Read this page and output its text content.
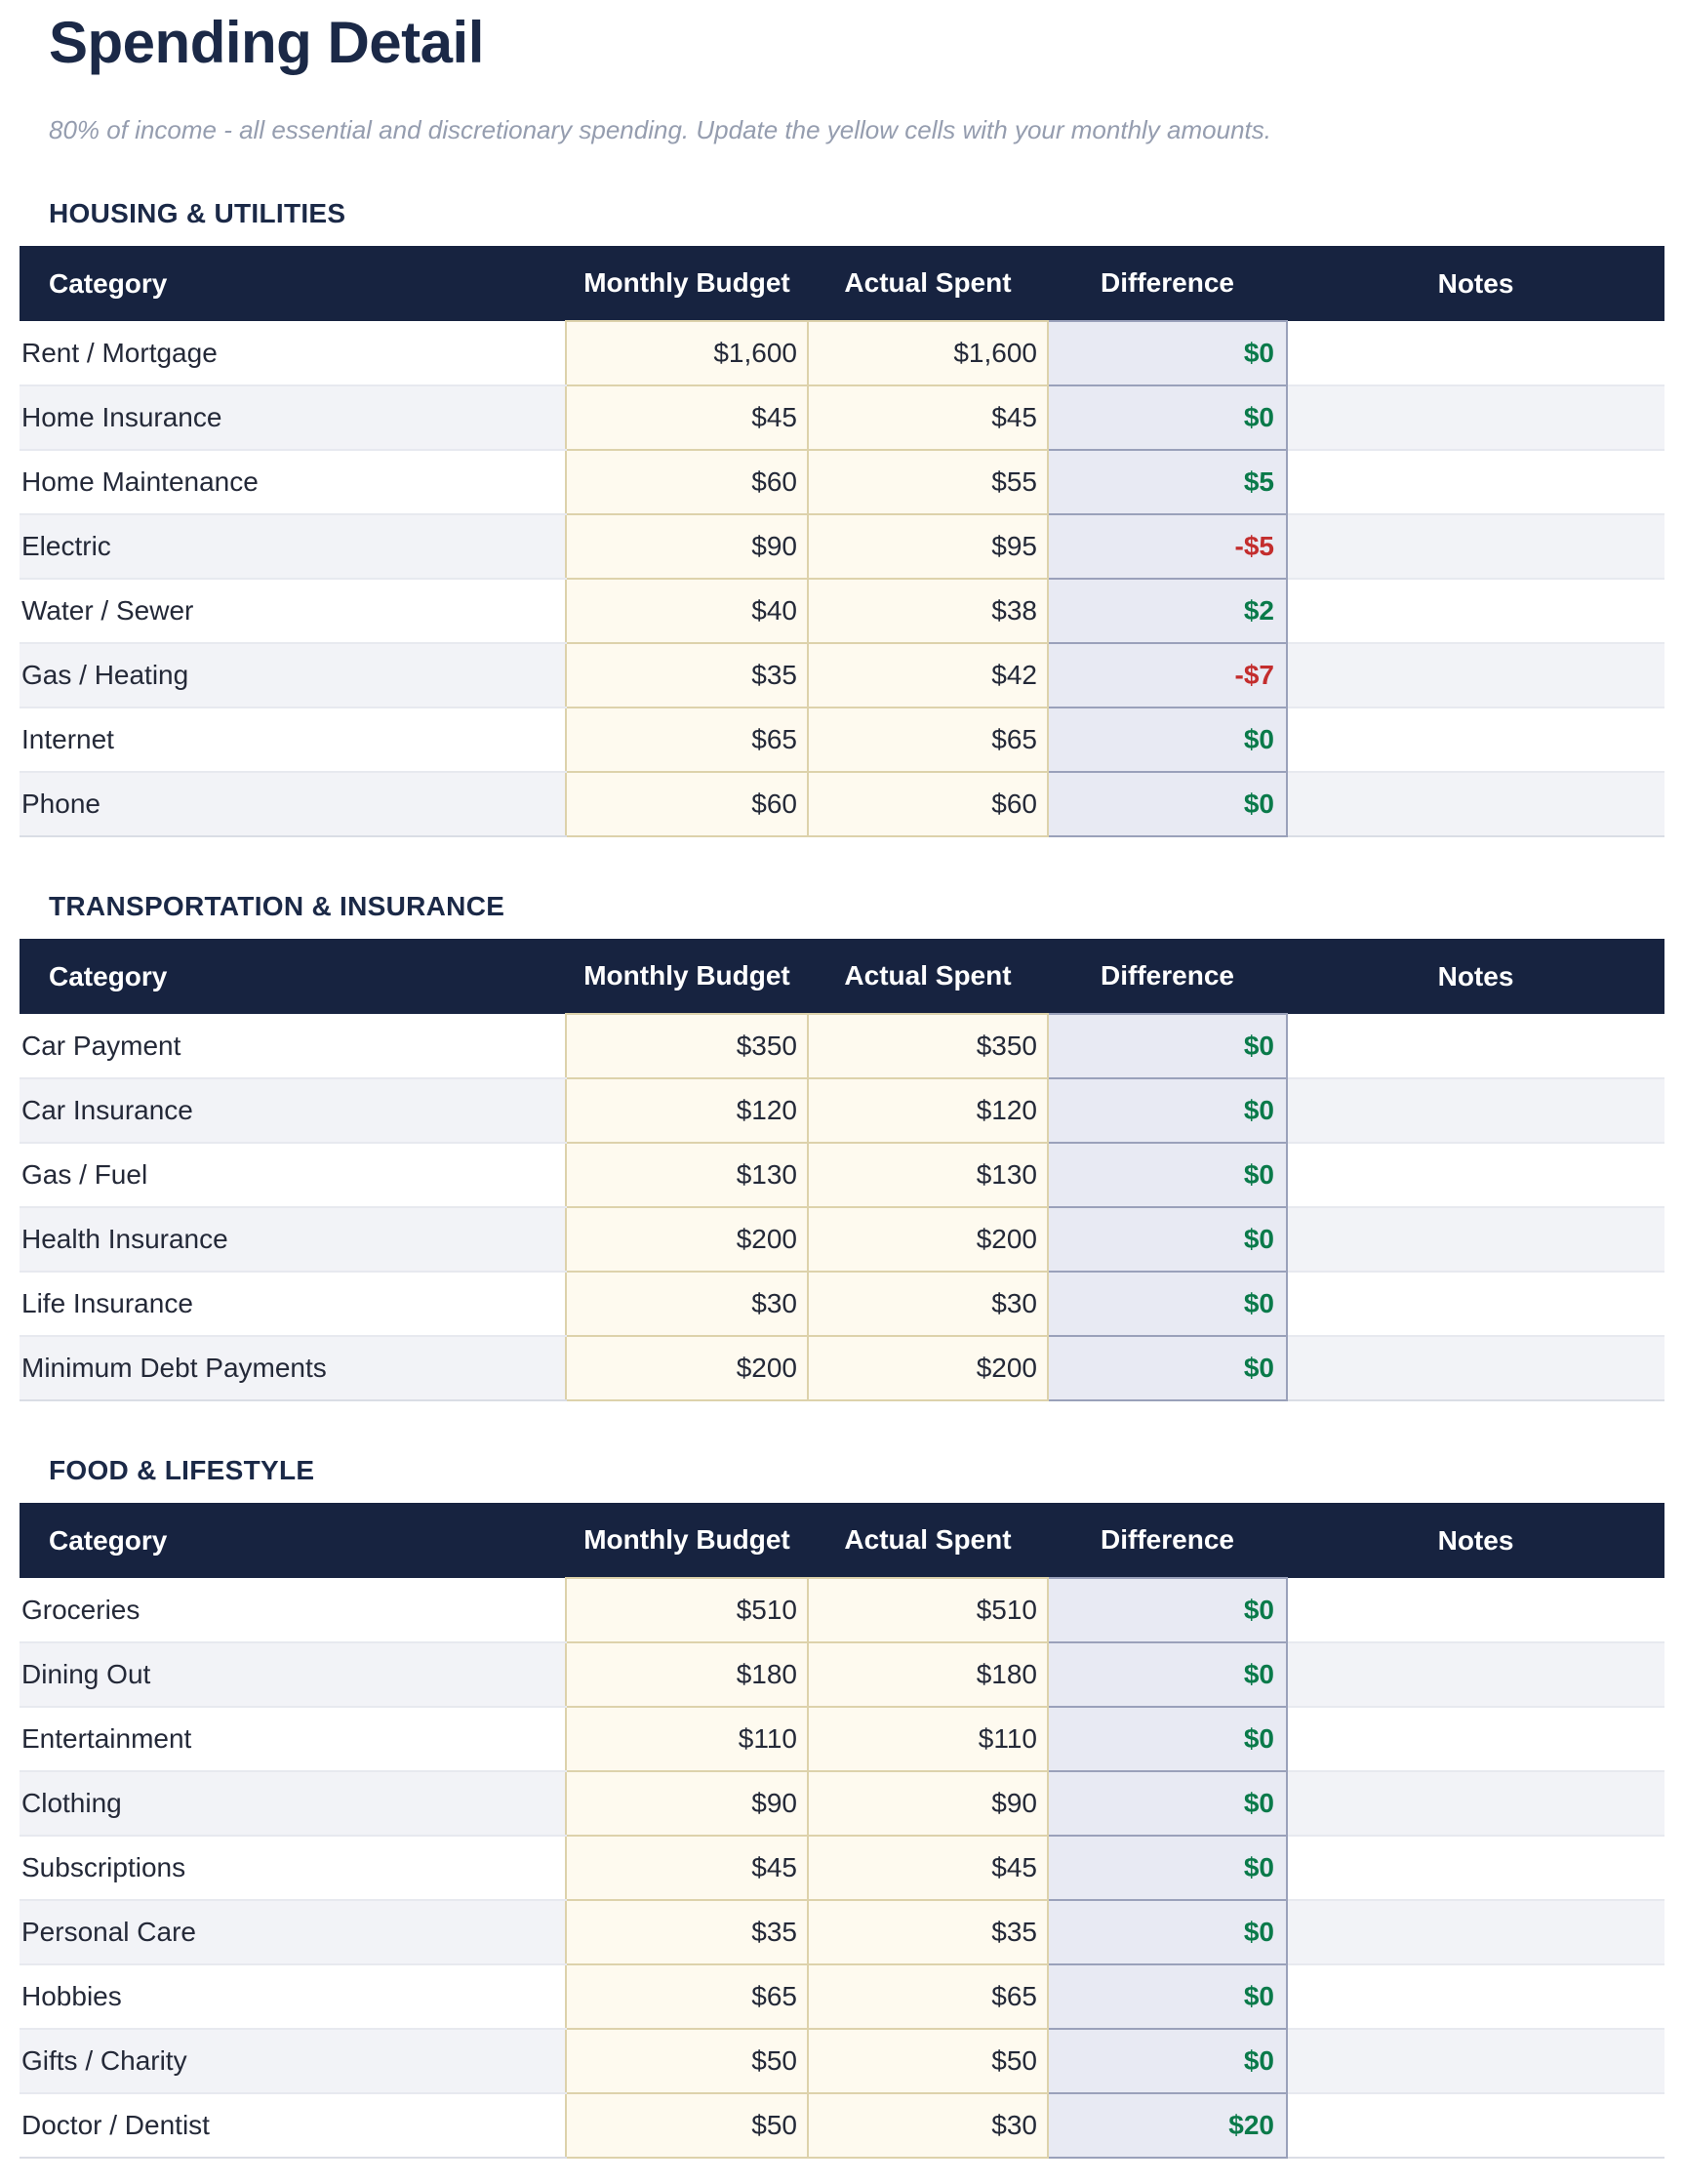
Spending Detail

80% of income - all essential and discretionary spending. Update the yellow cells with your monthly amounts.

HOUSING & UTILITIES
Category	Monthly Budget	Actual Spent	Difference	Notes
Rent / Mortgage	$1,600	$1,600	$0	
Home Insurance	$45	$45	$0	
Home Maintenance	$60	$55	$5	
Electric	$90	$95	-$5	
Water / Sewer	$40	$38	$2	
Gas / Heating	$35	$42	-$7	
Internet	$65	$65	$0	
Phone	$60	$60	$0	
TRANSPORTATION & INSURANCE
Category	Monthly Budget	Actual Spent	Difference	Notes
Car Payment	$350	$350	$0	
Car Insurance	$120	$120	$0	
Gas / Fuel	$130	$130	$0	
Health Insurance	$200	$200	$0	
Life Insurance	$30	$30	$0	
Minimum Debt Payments	$200	$200	$0	
FOOD & LIFESTYLE
Category	Monthly Budget	Actual Spent	Difference	Notes
Groceries	$510	$510	$0	
Dining Out	$180	$180	$0	
Entertainment	$110	$110	$0	
Clothing	$90	$90	$0	
Subscriptions	$45	$45	$0	
Personal Care	$35	$35	$0	
Hobbies	$65	$65	$0	
Gifts / Charity	$50	$50	$0	
Doctor / Dentist	$50	$30	$20	
